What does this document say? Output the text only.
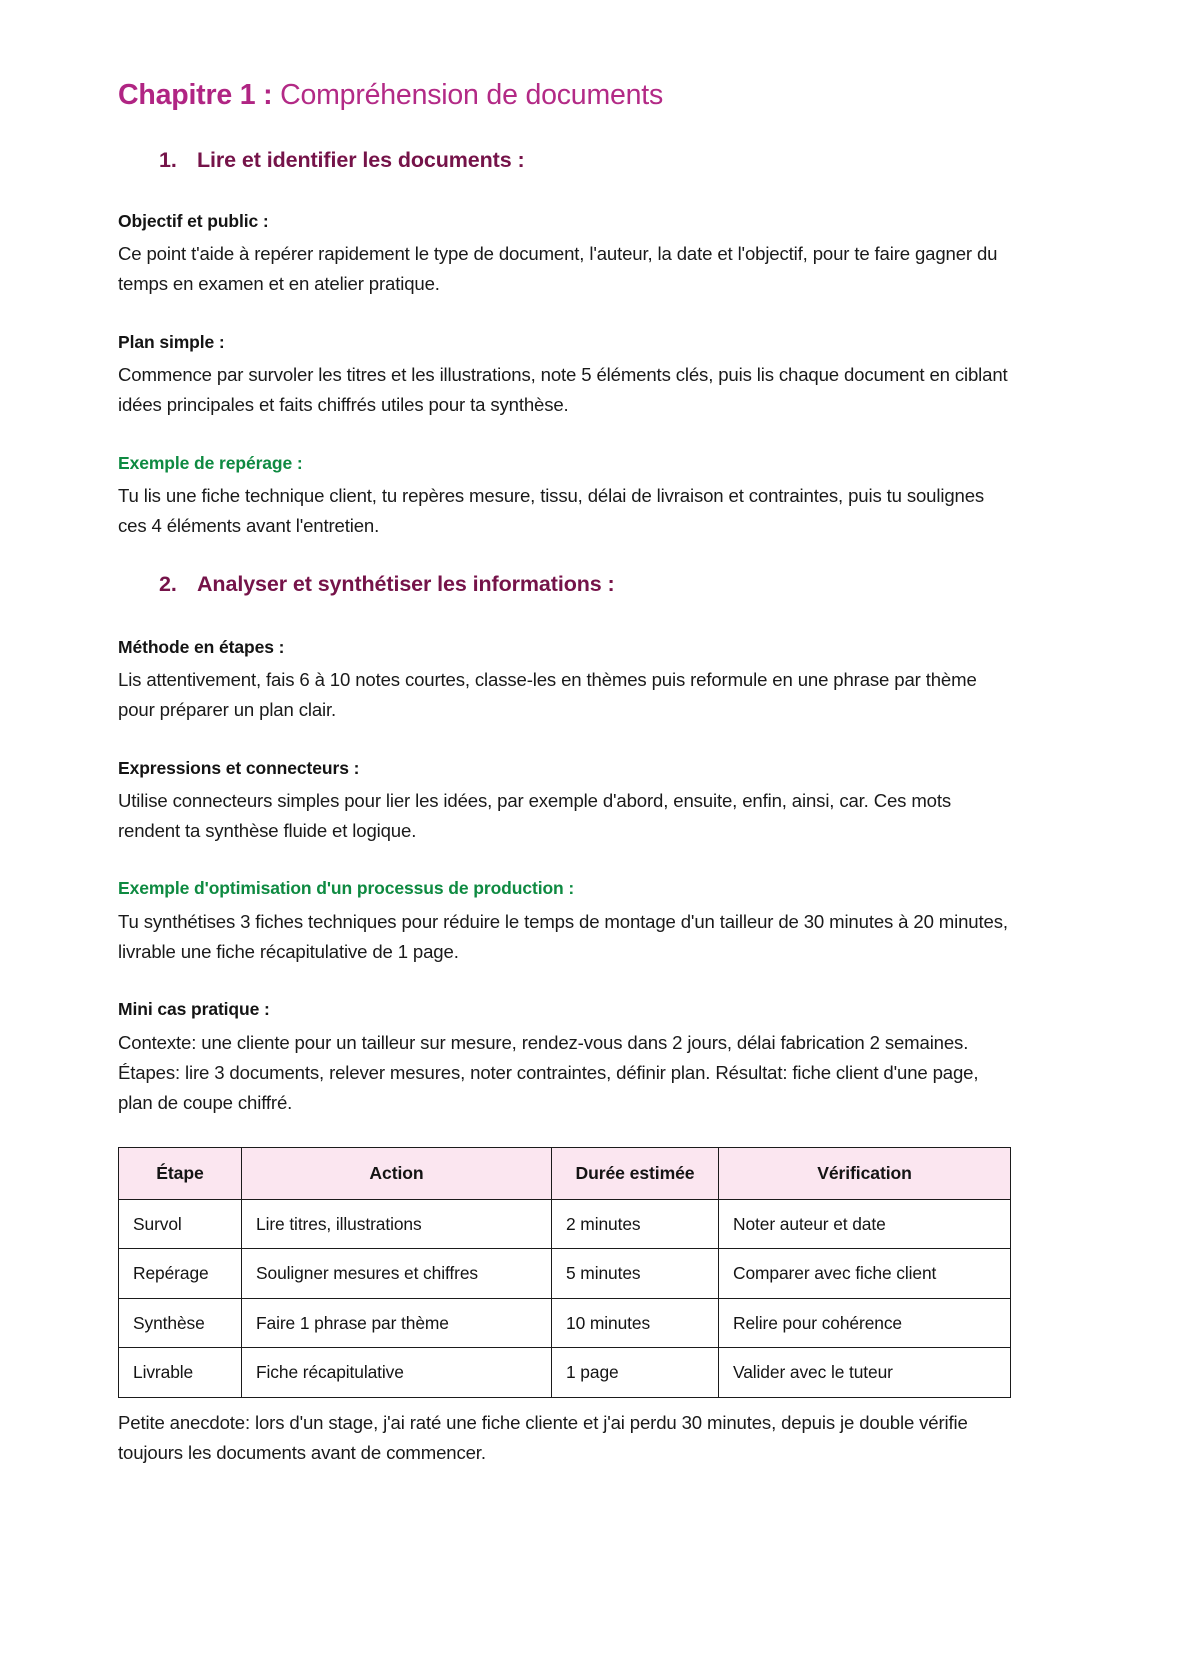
Chapitre 1 : Compréhension de documents
1. Lire et identifier les documents :
Objectif et public :

Ce point t'aide à repérer rapidement le type de document, l'auteur, la date et l'objectif, pour te faire gagner du temps en examen et en atelier pratique.

Plan simple :

Commence par survoler les titres et les illustrations, note 5 éléments clés, puis lis chaque document en ciblant idées principales et faits chiffrés utiles pour ta synthèse.

Exemple de repérage :

Tu lis une fiche technique client, tu repères mesure, tissu, délai de livraison et contraintes, puis tu soulignes ces 4 éléments avant l'entretien.

2. Analyser et synthétiser les informations :
Méthode en étapes :

Lis attentivement, fais 6 à 10 notes courtes, classe-les en thèmes puis reformule en une phrase par thème pour préparer un plan clair.

Expressions et connecteurs :

Utilise connecteurs simples pour lier les idées, par exemple d'abord, ensuite, enfin, ainsi, car. Ces mots rendent ta synthèse fluide et logique.

Exemple d'optimisation d'un processus de production :

Tu synthétises 3 fiches techniques pour réduire le temps de montage d'un tailleur de 30 minutes à 20 minutes, livrable une fiche récapitulative de 1 page.

Mini cas pratique :

Contexte: une cliente pour un tailleur sur mesure, rendez-vous dans 2 jours, délai fabrication 2 semaines. Étapes: lire 3 documents, relever mesures, noter contraintes, définir plan. Résultat: fiche client d'une page, plan de coupe chiffré.

Étape	Action	Durée estimée	Vérification
Survol	Lire titres, illustrations	2 minutes	Noter auteur et date
Repérage	Souligner mesures et chiffres	5 minutes	Comparer avec fiche client
Synthèse	Faire 1 phrase par thème	10 minutes	Relire pour cohérence
Livrable	Fiche récapitulative	1 page	Valider avec le tuteur

Petite anecdote: lors d'un stage, j'ai raté une fiche cliente et j'ai perdu 30 minutes, depuis je double vérifie toujours les documents avant de commencer.
